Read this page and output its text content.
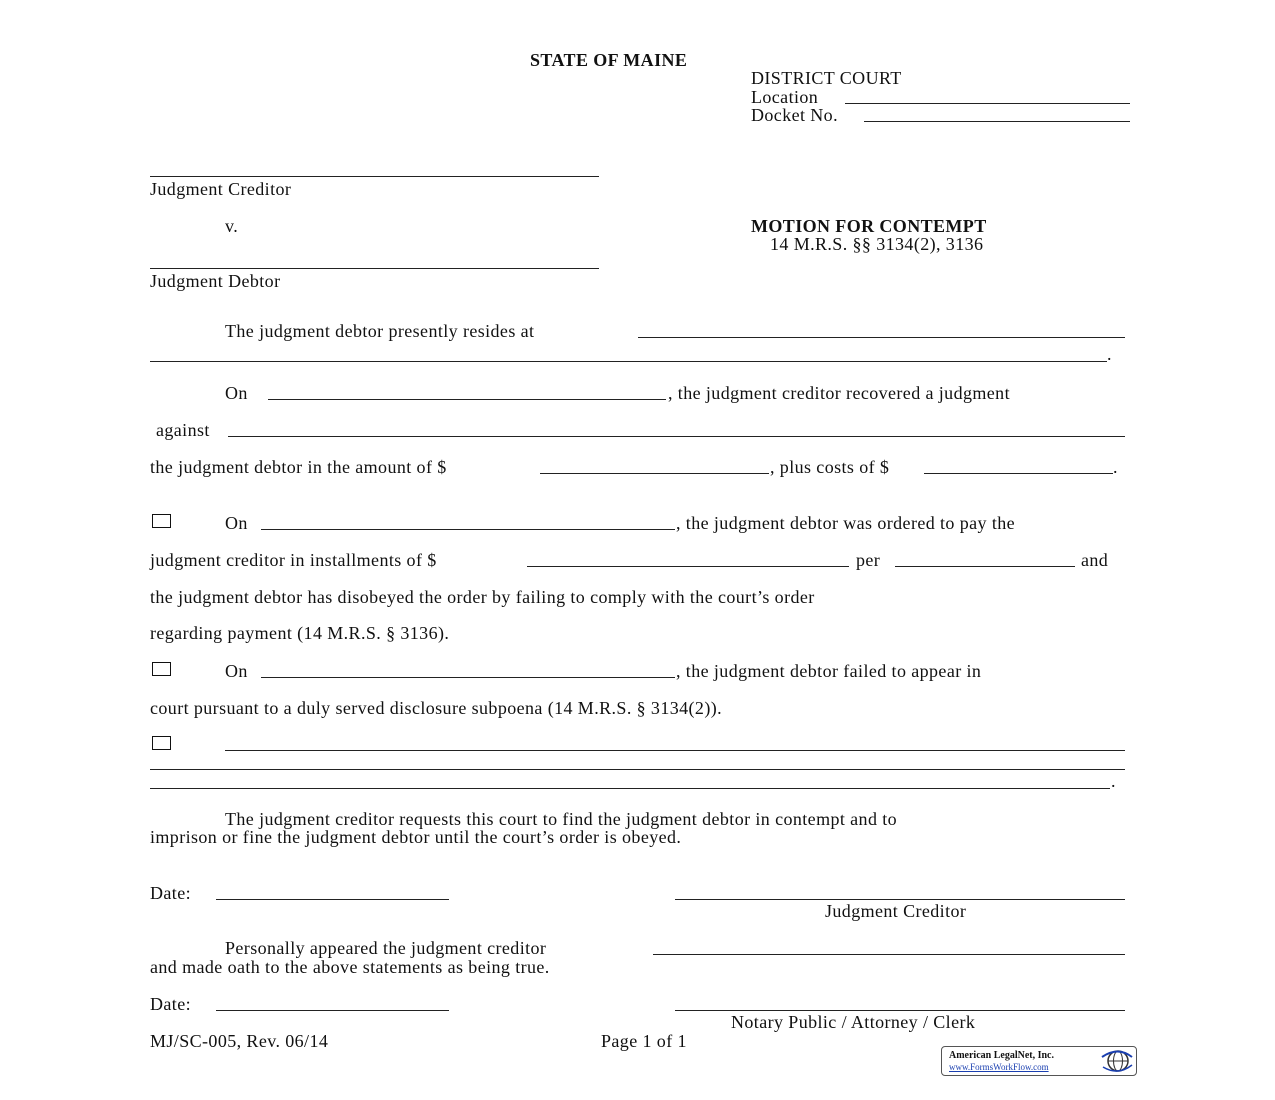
STATE OF MAINE
DISTRICT COURT
Location
Docket No.
Judgment Creditor
v.
Judgment Debtor
MOTION FOR CONTEMPT
14 M.R.S. §§ 3134(2), 3136
The judgment debtor presently resides at
.
On	, the judgment creditor recovered a judgment
against
the judgment debtor in the amount of $	, plus costs of $	.
On	, the judgment debtor was ordered to pay the
judgment creditor in installments of $	per	and
the judgment debtor has disobeyed the order by failing to comply with the court’s order
regarding payment (14 M.R.S. § 3136).
On	, the judgment debtor failed to appear in
court pursuant to a duly served disclosure subpoena (14 M.R.S. § 3134(2)).
.
The judgment creditor requests this court to find the judgment debtor in contempt and to
imprison or fine the judgment debtor until the court’s order is obeyed.
Date:
Judgment Creditor
Personally appeared the judgment creditor
and made oath to the above statements as being true.
Date:
Notary Public / Attorney / Clerk
MJ/SC-005, Rev. 06/14	Page 1 of 1
American LegalNet, Inc.
www.FormsWorkFlow.com
